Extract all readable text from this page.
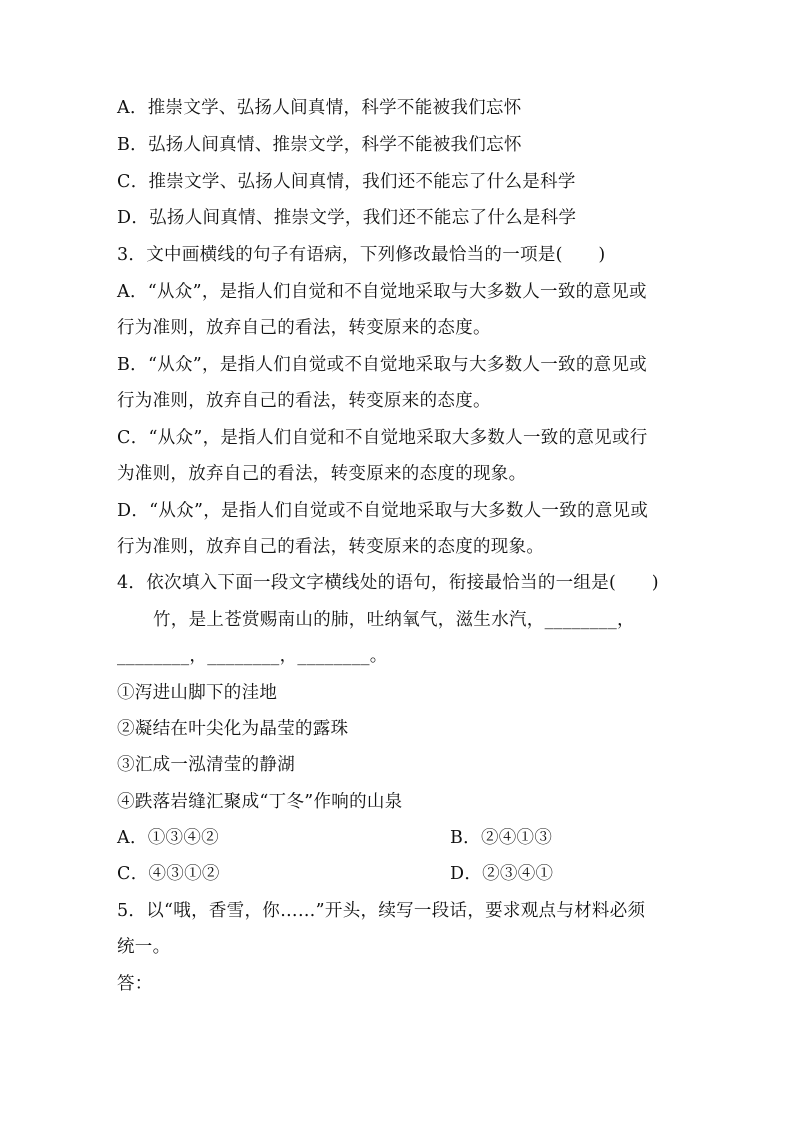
A．推崇文学、弘扬人间真情，科学不能被我们忘怀
B．弘扬人间真情、推崇文学，科学不能被我们忘怀
C．推崇文学、弘扬人间真情，我们还不能忘了什么是科学
D．弘扬人间真情、推崇文学，我们还不能忘了什么是科学
3．文中画横线的句子有语病，下列修改最恰当的一项是(　　)
A．“从众”，是指人们自觉和不自觉地采取与大多数人一致的意见或
行为准则，放弃自己的看法，转变原来的态度。
B．“从众”，是指人们自觉或不自觉地采取与大多数人一致的意见或
行为准则，放弃自己的看法，转变原来的态度。
C．“从众”，是指人们自觉和不自觉地采取大多数人一致的意见或行
为准则，放弃自己的看法，转变原来的态度的现象。
D．“从众”，是指人们自觉或不自觉地采取与大多数人一致的意见或
行为准则，放弃自己的看法，转变原来的态度的现象。
4．依次填入下面一段文字横线处的语句，衔接最恰当的一组是(　　)
竹，是上苍赏赐南山的肺，吐纳氧气，滋生水汽，________，
________，________，________。
①泻进山脚下的洼地
②凝结在叶尖化为晶莹的露珠
③汇成一泓清莹的静湖
④跌落岩缝汇聚成“丁冬”作响的山泉
A．①③④②	B．②④①③
C．④③①②	D．②③④①
5．以“哦，香雪，你……”开头，续写一段话，要求观点与材料必须
统一。
答：
